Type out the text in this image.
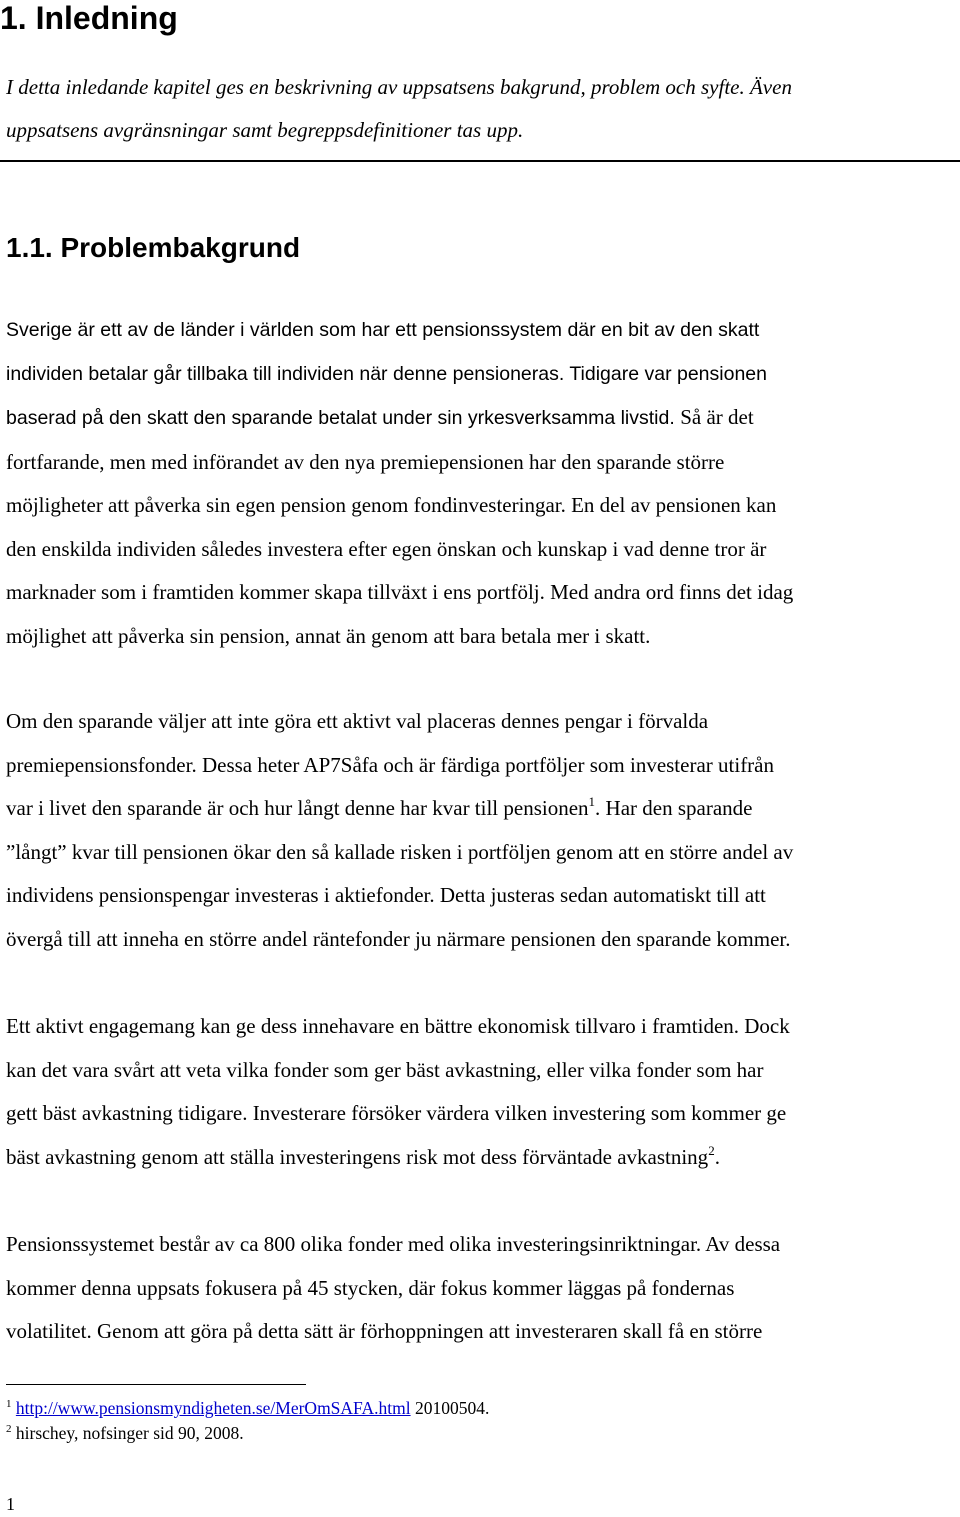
1. Inledning

I detta inledande kapitel ges en beskrivning av uppsatsens bakgrund, problem och syfte. Även
uppsatsens avgränsningar samt begreppsdefinitioner tas upp.

1.1. Problembakgrund

Sverige är ett av de länder i världen som har ett pensionssystem där en bit av den skatt
individen betalar går tillbaka till individen när denne pensioneras. Tidigare var pensionen
baserad på den skatt den sparande betalat under sin yrkesverksamma livstid. Så är det
fortfarande, men med införandet av den nya premiepensionen har den sparande större
möjligheter att påverka sin egen pension genom fondinvesteringar. En del av pensionen kan
den enskilda individen således investera efter egen önskan och kunskap i vad denne tror är
marknader som i framtiden kommer skapa tillväxt i ens portfölj. Med andra ord finns det idag
möjlighet att påverka sin pension, annat än genom att bara betala mer i skatt.

Om den sparande väljer att inte göra ett aktivt val placeras dennes pengar i förvalda
premiepensionsfonder. Dessa heter AP7Såfa och är färdiga portföljer som investerar utifrån
var i livet den sparande är och hur långt denne har kvar till pensionen$^1$. Har den sparande
”långt” kvar till pensionen ökar den så kallade risken i portföljen genom att en större andel av
individens pensionspengar investeras i aktiefonder. Detta justeras sedan automatiskt till att
övergå till att inneha en större andel räntefonder ju närmare pensionen den sparande kommer.

Ett aktivt engagemang kan ge dess innehavare en bättre ekonomisk tillvaro i framtiden. Dock
kan det vara svårt att veta vilka fonder som ger bäst avkastning, eller vilka fonder som har
gett bäst avkastning tidigare. Investerare försöker värdera vilken investering som kommer ge
bäst avkastning genom att ställa investeringens risk mot dess förväntade avkastning$^2$.

Pensionssystemet består av ca 800 olika fonder med olika investeringsinriktningar. Av dessa
kommer denna uppsats fokusera på 45 stycken, där fokus kommer läggas på fondernas
volatilitet. Genom att göra på detta sätt är förhoppningen att investeraren skall få en större

$^1$ http://www.pensionsmyndigheten.se/MerOmSAFA.html 20100504.
$^2$ hirschey, nofsinger sid 90, 2008.
1
